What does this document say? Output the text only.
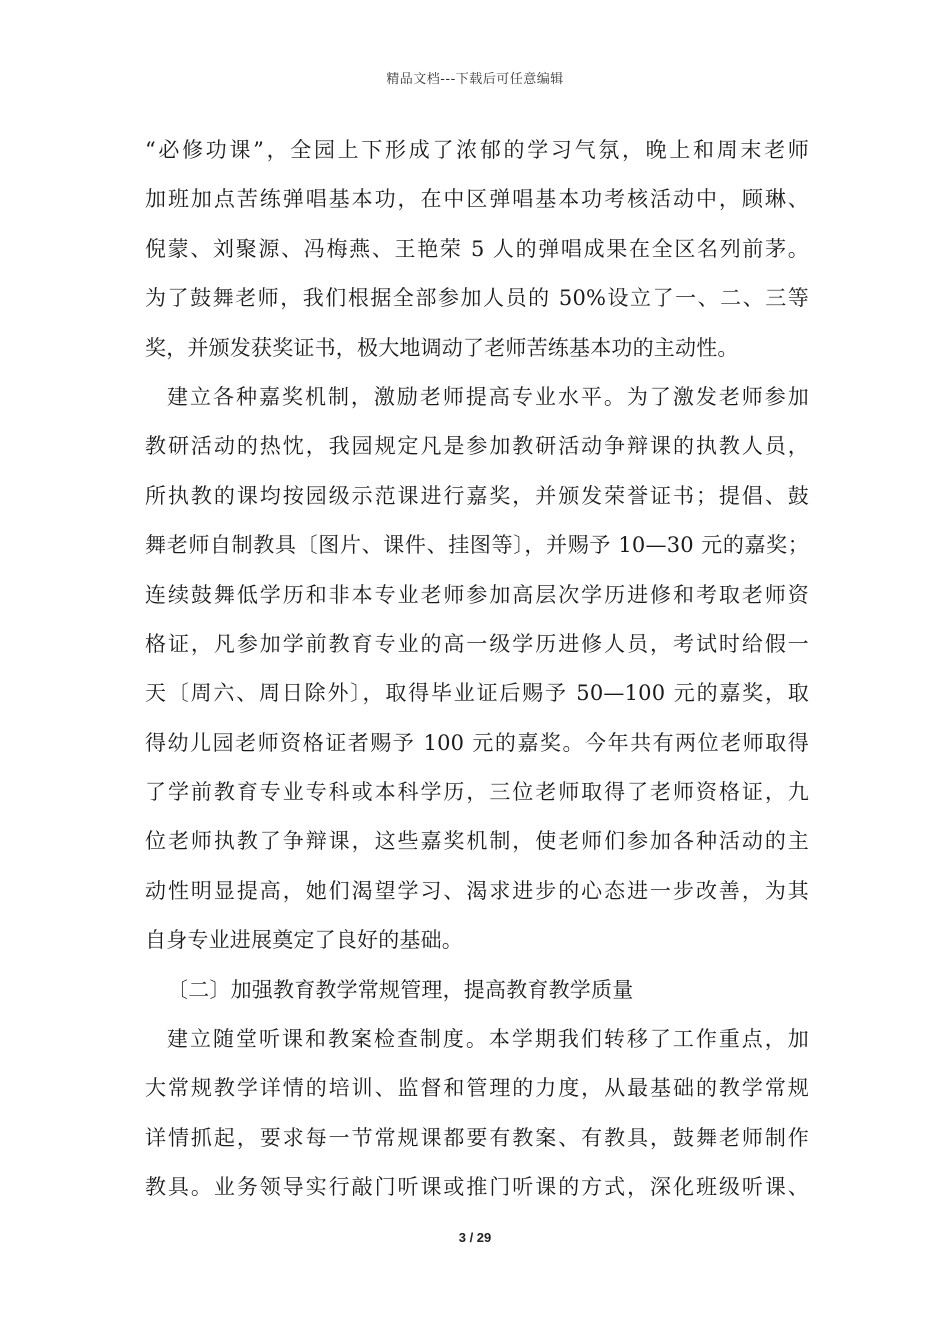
精品文档---下载后可任意编辑
“必修功课”，全园上下形成了浓郁的学习气氛，晚上和周末老师
加班加点苦练弹唱基本功，在中区弹唱基本功考核活动中，顾琳、
倪蒙、刘聚源、冯梅燕、王艳荣 5 人的弹唱成果在全区名列前茅。
为了鼓舞老师，我们根据全部参加人员的 50%设立了一、二、三等
奖，并颁发获奖证书，极大地调动了老师苦练基本功的主动性。
建立各种嘉奖机制，激励老师提高专业水平。为了激发老师参加
教研活动的热忱，我园规定凡是参加教研活动争辩课的执教人员，
所执教的课均按园级示范课进行嘉奖，并颁发荣誉证书；提倡、鼓
舞老师自制教具〔图片、课件、挂图等〕，并赐予 10—30 元的嘉奖；
连续鼓舞低学历和非本专业老师参加高层次学历进修和考取老师资
格证，凡参加学前教育专业的高一级学历进修人员，考试时给假一
天〔周六、周日除外〕，取得毕业证后赐予 50—100 元的嘉奖，取
得幼儿园老师资格证者赐予 100 元的嘉奖。今年共有两位老师取得
了学前教育专业专科或本科学历，三位老师取得了老师资格证，九
位老师执教了争辩课，这些嘉奖机制，使老师们参加各种活动的主
动性明显提高，她们渴望学习、渴求进步的心态进一步改善，为其
自身专业进展奠定了良好的基础。
〔二〕加强教育教学常规管理，提高教育教学质量
建立随堂听课和教案检查制度。本学期我们转移了工作重点，加
大常规教学详情的培训、监督和管理的力度，从最基础的教学常规
详情抓起，要求每一节常规课都要有教案、有教具，鼓舞老师制作
教具。业务领导实行敲门听课或推门听课的方式，深化班级听课、
3 / 29
